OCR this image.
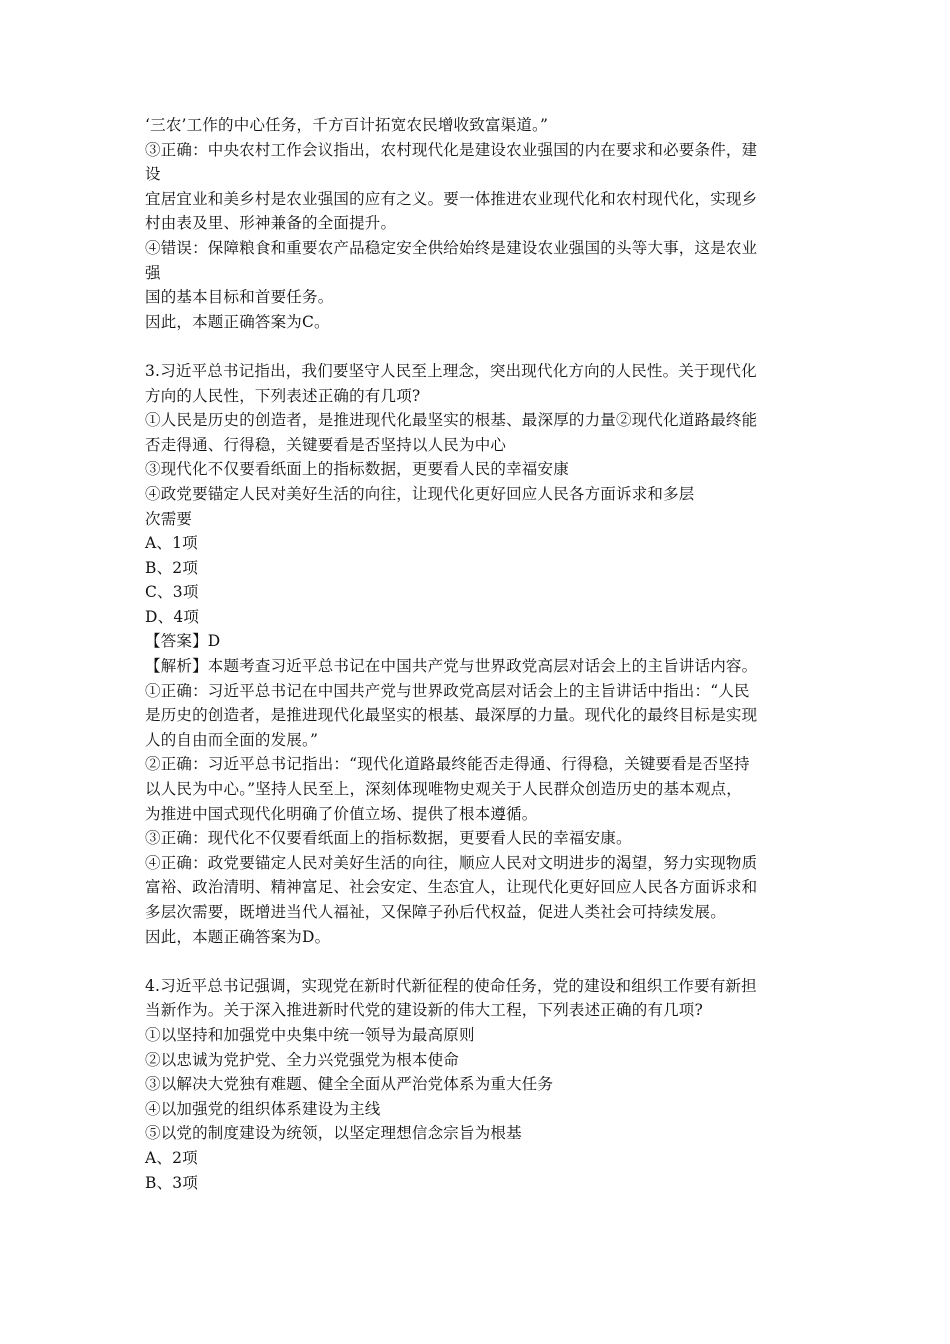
‘三农’工作的中心任务，千方百计拓宽农民增收致富渠道。”
③正确：中央农村工作会议指出，农村现代化是建设农业强国的内在要求和必要条件，建
设
宜居宜业和美乡村是农业强国的应有之义。要一体推进农业现代化和农村现代化，实现乡
村由表及里、形神兼备的全面提升。
④错误：保障粮食和重要农产品稳定安全供给始终是建设农业强国的头等大事，这是农业
强
国的基本目标和首要任务。
因此，本题正确答案为C。
3.习近平总书记指出，我们要坚守人民至上理念，突出现代化方向的人民性。关于现代化
方向的人民性，下列表述正确的有几项?
①人民是历史的创造者，是推进现代化最坚实的根基、最深厚的力量②现代化道路最终能
否走得通、行得稳，关键要看是否坚持以人民为中心
③现代化不仅要看纸面上的指标数据，更要看人民的幸福安康
④政党要锚定人民对美好生活的向往，让现代化更好回应人民各方面诉求和多层
次需要
A、1项
B、2项
C、3项
D、4项
【答案】D
【解析】本题考查习近平总书记在中国共产党与世界政党高层对话会上的主旨讲话内容。
①正确：习近平总书记在中国共产党与世界政党高层对话会上的主旨讲话中指出：“人民
是历史的创造者，是推进现代化最坚实的根基、最深厚的力量。现代化的最终目标是实现
人的自由而全面的发展。”
②正确：习近平总书记指出：“现代化道路最终能否走得通、行得稳，关键要看是否坚持
以人民为中心。”坚持人民至上，深刻体现唯物史观关于人民群众创造历史的基本观点，
为推进中国式现代化明确了价值立场、提供了根本遵循。
③正确：现代化不仅要看纸面上的指标数据，更要看人民的幸福安康。
④正确：政党要锚定人民对美好生活的向往，顺应人民对文明进步的渴望，努力实现物质
富裕、政治清明、精神富足、社会安定、生态宜人，让现代化更好回应人民各方面诉求和
多层次需要，既增进当代人福祉，又保障子孙后代权益，促进人类社会可持续发展。
因此，本题正确答案为D。
4.习近平总书记强调，实现党在新时代新征程的使命任务，党的建设和组织工作要有新担
当新作为。关于深入推进新时代党的建设新的伟大工程，下列表述正确的有几项?
①以坚持和加强党中央集中统一领导为最高原则
②以忠诚为党护党、全力兴党强党为根本使命
③以解决大党独有难题、健全全面从严治党体系为重大任务
④以加强党的组织体系建设为主线
⑤以党的制度建设为统领，以坚定理想信念宗旨为根基
A、2项
B、3项
